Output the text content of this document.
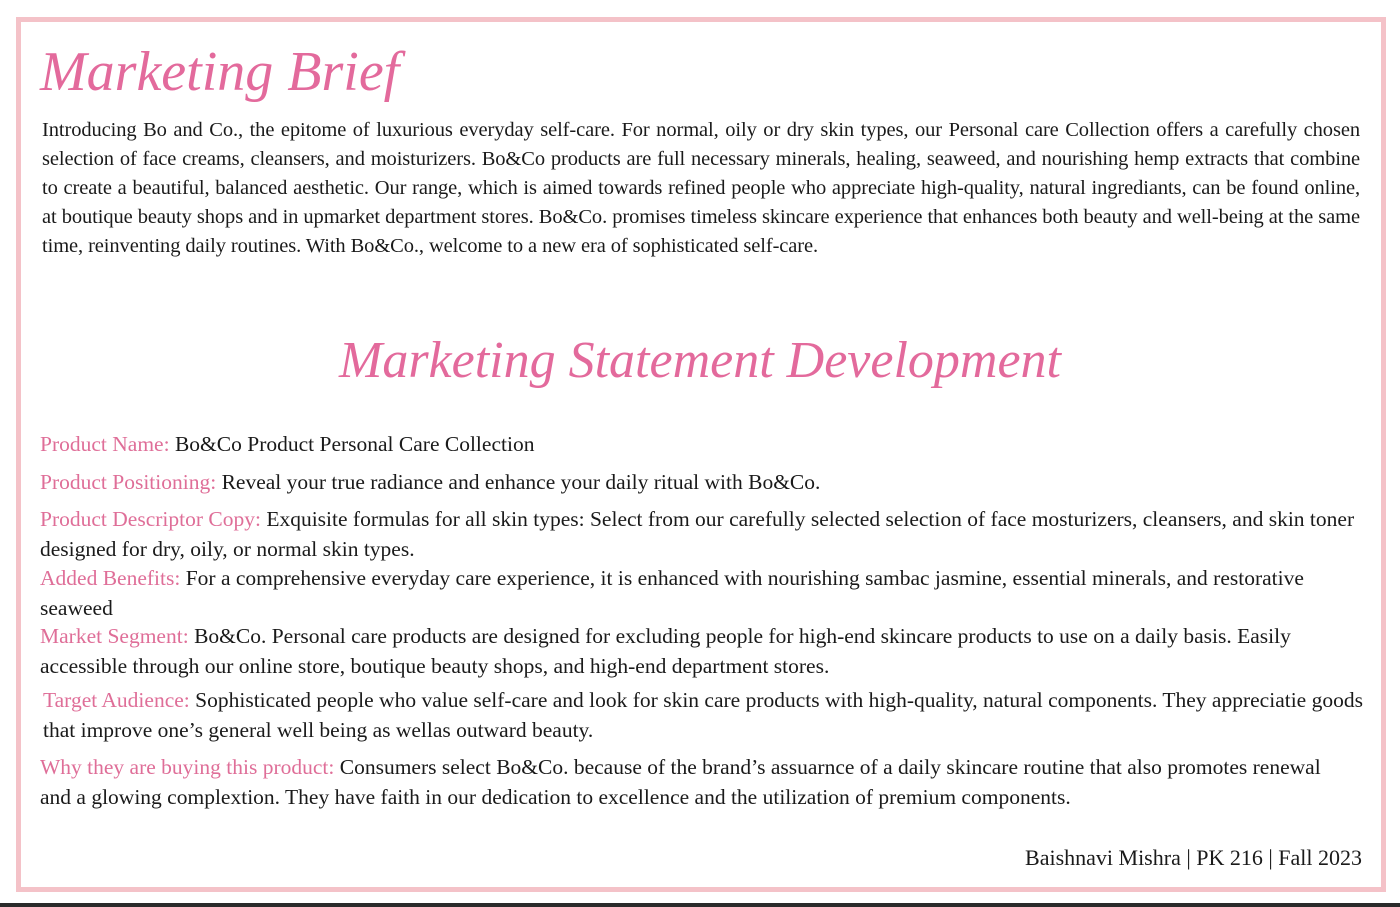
Marketing Brief

Introducing Bo and Co., the epitome of luxurious everyday self-care. For normal, oily or dry skin types, our Personal care Collection offers a carefully chosen selection of face creams, cleansers, and moisturizers. Bo&Co products are full necessary minerals, healing, seaweed, and nourishing hemp extracts that combine to create a beautiful, balanced aesthetic. Our range, which is aimed towards refined people who appreciate high-quality, natural ingrediants, can be found online, at boutique beauty shops and in upmarket department stores. Bo&Co. promises timeless skincare experience that enhances both beauty and well-being at the same time, reinventing daily routines. With Bo&Co., welcome to a new era of sophisticated self-care.

Marketing Statement Development

Product Name: Bo&Co Product Personal Care Collection

Product Positioning: Reveal your true radiance and enhance your daily ritual with Bo&Co.

Product Descriptor Copy: Exquisite formulas for all skin types: Select from our carefully selected selection of face mosturizers, cleansers, and skin toner designed for dry, oily, or normal skin types.

Added Benefits: For a comprehensive everyday care experience, it is enhanced with nourishing sambac jasmine, essential minerals, and restorative seaweed

Market Segment: Bo&Co. Personal care products are designed for excluding people for high-end skincare products to use on a daily basis. Easily accessible through our online store, boutique beauty shops, and high-end department stores.

Target Audience: Sophisticated people who value self-care and look for skin care products with high-quality, natural components. They appreciatie goods that improve one’s general well being as wellas outward beauty.

Why they are buying this product: Consumers select Bo&Co. because of the brand’s assuarnce of a daily skincare routine that also promotes renewal and a glowing complextion. They have faith in our dedication to excellence and the utilization of premium components.

Baishnavi Mishra | PK 216 | Fall 2023
